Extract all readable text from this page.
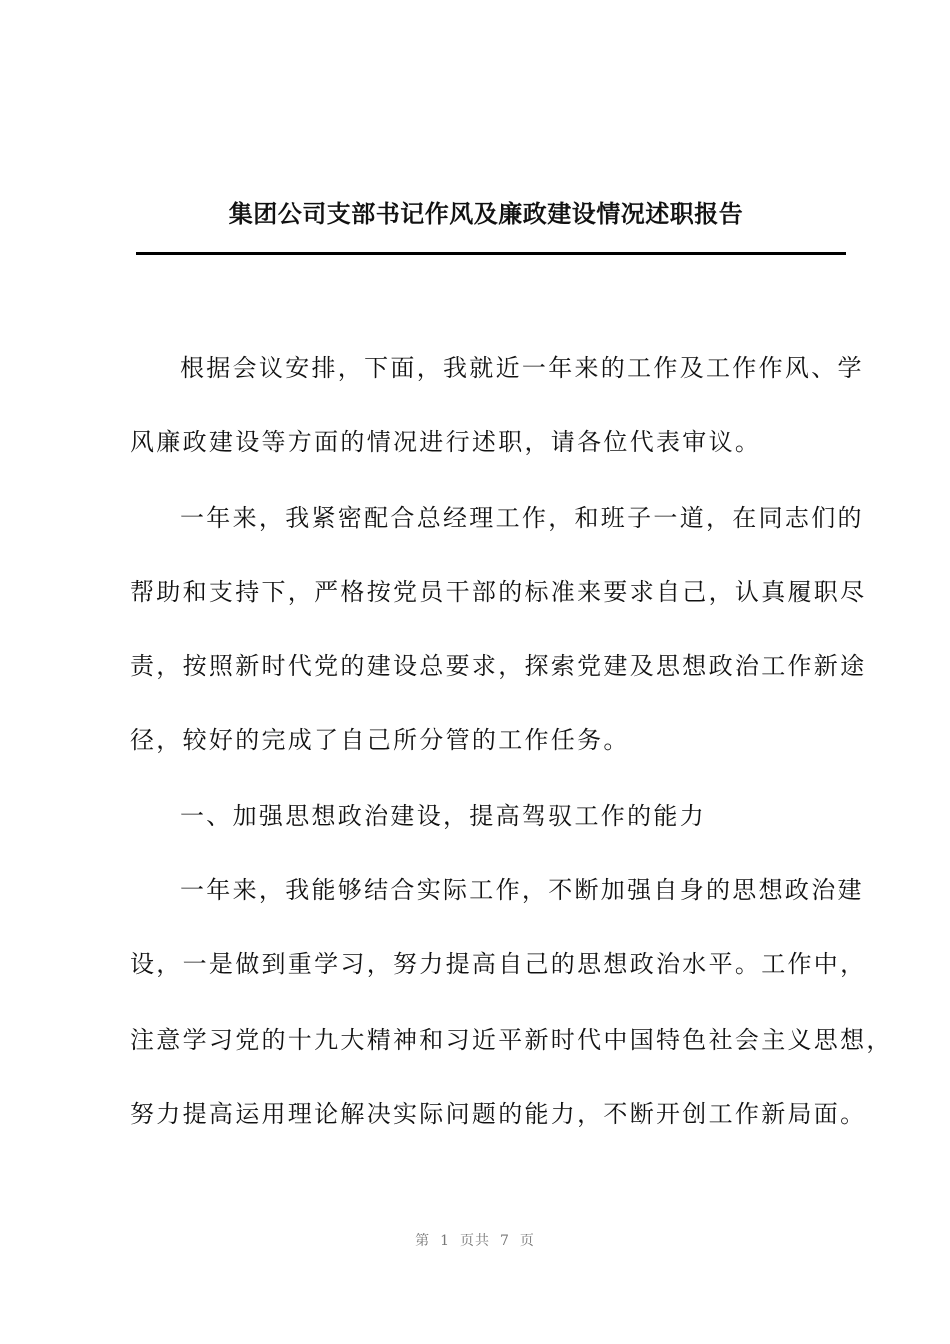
集团公司支部书记作风及廉政建设情况述职报告
根据会议安排，下面，我就近一年来的工作及工作作风、学
风廉政建设等方面的情况进行述职，请各位代表审议。
一年来，我紧密配合总经理工作，和班子一道，在同志们的
帮助和支持下，严格按党员干部的标准来要求自己，认真履职尽
责，按照新时代党的建设总要求，探索党建及思想政治工作新途
径，较好的完成了自己所分管的工作任务。
一、加强思想政治建设，提高驾驭工作的能力
一年来，我能够结合实际工作，不断加强自身的思想政治建
设，一是做到重学习，努力提高自己的思想政治水平。工作中，
注意学习党的十九大精神和习近平新时代中国特色社会主义思想，
努力提高运用理论解决实际问题的能力，不断开创工作新局面。
第 1 页共 7 页
